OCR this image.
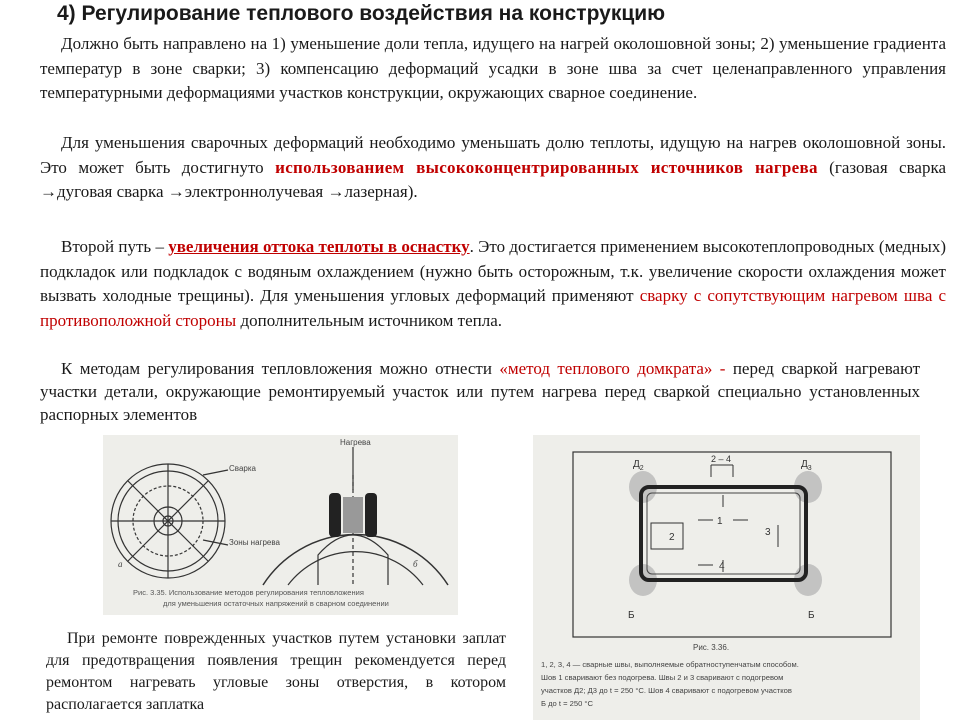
4) Регулирование теплового воздействия на конструкцию
Должно быть направлено на 1) уменьшение доли тепла, идущего на нагрей околошовной зоны; 2) уменьшение градиента температур в зоне сварки; 3) компенсацию деформаций усадки в зоне шва за счет целенаправленного управления температурными деформациями участков конструкции, окружающих сварное соединение.
Для уменьшения сварочных деформаций необходимо уменьшать долю теплоты, идущую на нагрев околошовной зоны. Это может быть достигнуто использованием высококонцентрированных источников нагрева (газовая сварка →дуговая сварка →электроннолучевая →лазерная).
Второй путь – увеличения оттока теплоты в оснастку. Это достигается применением высокотеплопроводных (медных) подкладок или подкладок с водяным охлаждением (нужно быть осторожным, т.к. увеличение скорости охлаждения может вызвать холодные трещины). Для уменьшения угловых деформаций применяют сварку с сопутствующим нагревом шва с противоположной стороны дополнительным источником тепла.
К методам регулирования тепловложения можно отнести «метод теплового домкрата» - перед сваркой нагревают участки детали, окружающие ремонтируемый участок или путем нагрева перед сваркой специально установленных распорных элементов
Нагрева
Сварка
Зоны нагрева
а	б
Рис. 3.35. Использование методов регулирования тепловложения
для уменьшения остаточных напряжений в сварном соединении
$Д_2$	$Д_3$
2 – 4
1
2	3
4
Б	Б
Рис. 3.36.
1, 2, 3, 4 — сварные швы, выполняемые обратноступенчатым способом.
Шов 1 сваривают без подогрева. Швы 2 и 3 сваривают с подогревом
участков Д2; Д3 до t = 250 °С. Шов 4 сваривают с подогревом участков
Б до t = 250 °С
При ремонте поврежденных участков путем установки заплат для предотвращения появления трещин рекомендуется перед ремонтом нагревать угловые зоны отверстия, в котором располагается заплатка
